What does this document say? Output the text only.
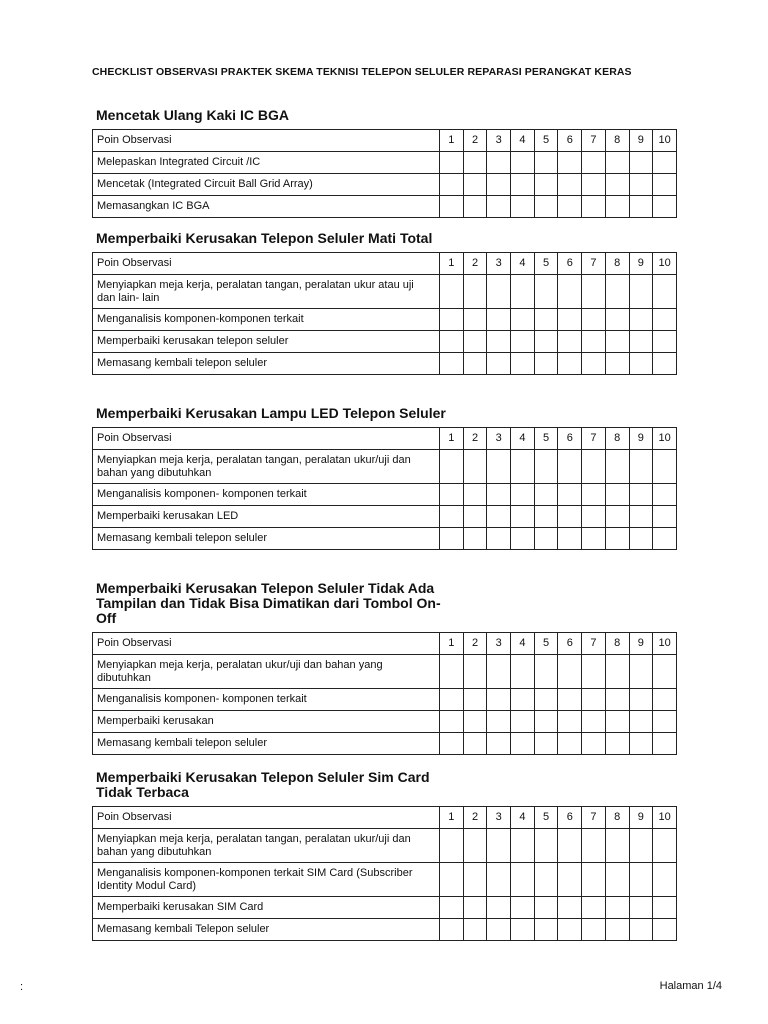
CHECKLIST OBSERVASI PRAKTEK SKEMA TEKNISI TELEPON SELULER REPARASI PERANGKAT KERAS
Mencetak Ulang Kaki IC BGA
Poin Observasi	1	2	3	4	5	6	7	8	9	10
Melepaskan Integrated Circuit /IC										
Mencetak (Integrated Circuit Ball Grid Array)										
Memasangkan IC BGA										
Memperbaiki Kerusakan Telepon Seluler Mati Total
Poin Observasi	1	2	3	4	5	6	7	8	9	10
Menyiapkan meja kerja, peralatan tangan, peralatan ukur atau uji dan lain- lain										
Menganalisis komponen-komponen terkait										
Memperbaiki kerusakan telepon seluler										
Memasang kembali telepon seluler										
Memperbaiki Kerusakan Lampu LED Telepon Seluler
Poin Observasi	1	2	3	4	5	6	7	8	9	10
Menyiapkan meja kerja, peralatan tangan, peralatan ukur/uji dan bahan yang dibutuhkan										
Menganalisis komponen- komponen terkait										
Memperbaiki kerusakan LED										
Memasang kembali telepon seluler										
Memperbaiki Kerusakan Telepon Seluler Tidak Ada Tampilan dan Tidak Bisa Dimatikan dari Tombol On-Off
Poin Observasi	1	2	3	4	5	6	7	8	9	10
Menyiapkan meja kerja, peralatan ukur/uji dan bahan yang dibutuhkan										
Menganalisis komponen- komponen terkait										
Memperbaiki kerusakan										
Memasang kembali telepon seluler										
Memperbaiki Kerusakan Telepon Seluler Sim Card Tidak Terbaca
Poin Observasi	1	2	3	4	5	6	7	8	9	10
Menyiapkan meja kerja, peralatan tangan, peralatan ukur/uji dan bahan yang dibutuhkan										
Menganalisis komponen-komponen terkait SIM Card (Subscriber Identity Modul Card)										
Memperbaiki kerusakan SIM Card										
Memasang kembali Telepon seluler										
:	Halaman 1/4
